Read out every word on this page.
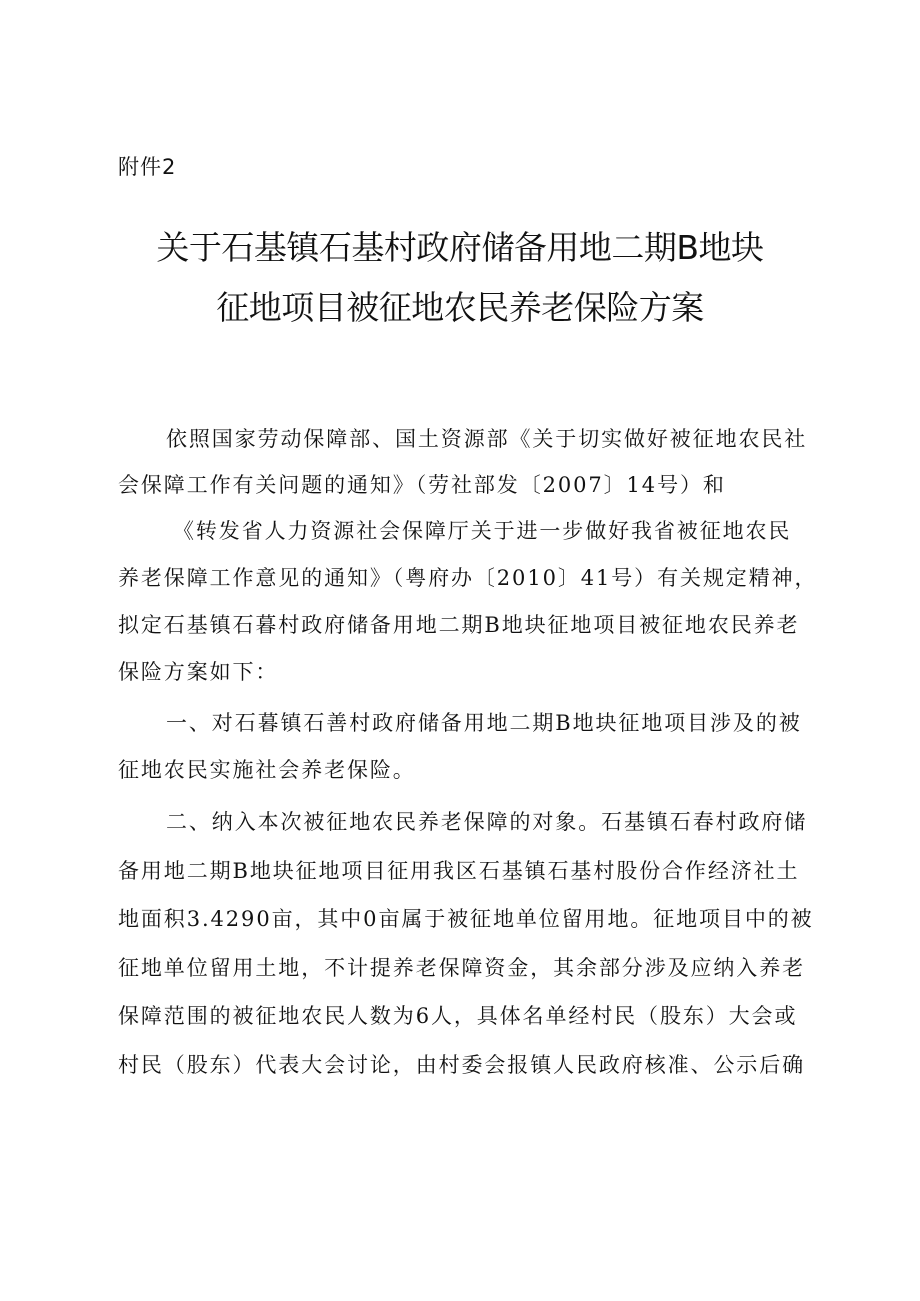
附件2
关于石基镇石基村政府储备用地二期B地块
征地项目被征地农民养老保险方案
依照国家劳动保障部、国土资源部《关于切实做好被征地农民社
会保障工作有关问题的通知》（劳社部发〔2007〕14号）和
《转发省人力资源社会保障厅关于进一步做好我省被征地农民
养老保障工作意见的通知》（粤府办〔2010〕41号）有关规定精神，
拟定石基镇石暮村政府储备用地二期B地块征地项目被征地农民养老
保险方案如下：
一、对石暮镇石善村政府储备用地二期B地块征地项目涉及的被
征地农民实施社会养老保险。
二、纳入本次被征地农民养老保障的对象。石基镇石春村政府储
备用地二期B地块征地项目征用我区石基镇石基村股份合作经济社土
地面积3.4290亩，其中0亩属于被征地单位留用地。征地项目中的被
征地单位留用土地，不计提养老保障资金，其余部分涉及应纳入养老
保障范围的被征地农民人数为6人，具体名单经村民（股东）大会或
村民（股东）代表大会讨论，由村委会报镇人民政府核准、公示后确
